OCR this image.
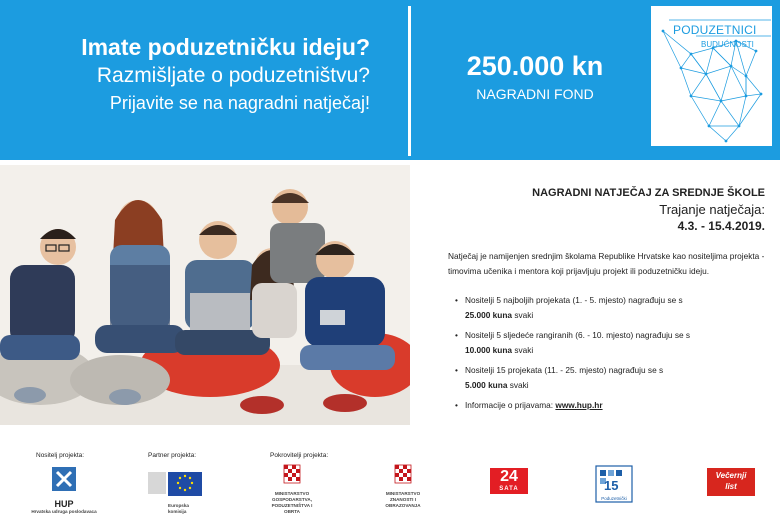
Imate poduzetničku ideju?
Razmišljate o poduzetništvu?
Prijavite se na nagradni natječaj!
250.000 kn
NAGRADNI FOND
PODUZETNICI
BUDUĆNOSTI
NAGRADNI NATJEČAJ ZA SREDNJE ŠKOLE
Trajanje natječaja:
4.3. - 15.4.2019.
Natječaj je namijenjen srednjim školama Republike Hrvatske kao nositeljima projekta - timovima učenika i mentora koji prijavljuju projekt ili poduzetničku ideju.
• Nositelji 5 najboljih projekata (1. - 5. mjesto) nagrađuju se s
25.000 kuna svaki
• Nositelji 5 sljedeće rangiranih (6. - 10. mjesto) nagrađuju se s
10.000 kuna svaki
• Nositelji 15 projekata (11. - 25. mjesto) nagrađuju se s
5.000 kuna svaki
• Informacije o prijavama: www.hup.hr
Nositelj projekta:	Partner projekta:	Pokrovitelji projekta:
HUP
Hrvatska udruga poslodavaca
Europska
komisija
MINISTARSTVO GOSPODARSTVA, PODUZETNIŠTVA I OBRTA
MINISTARSTVO ZNANOSTI I OBRAZOVANJA
24
SATA	15
Poduzetnički
Večernji
list
